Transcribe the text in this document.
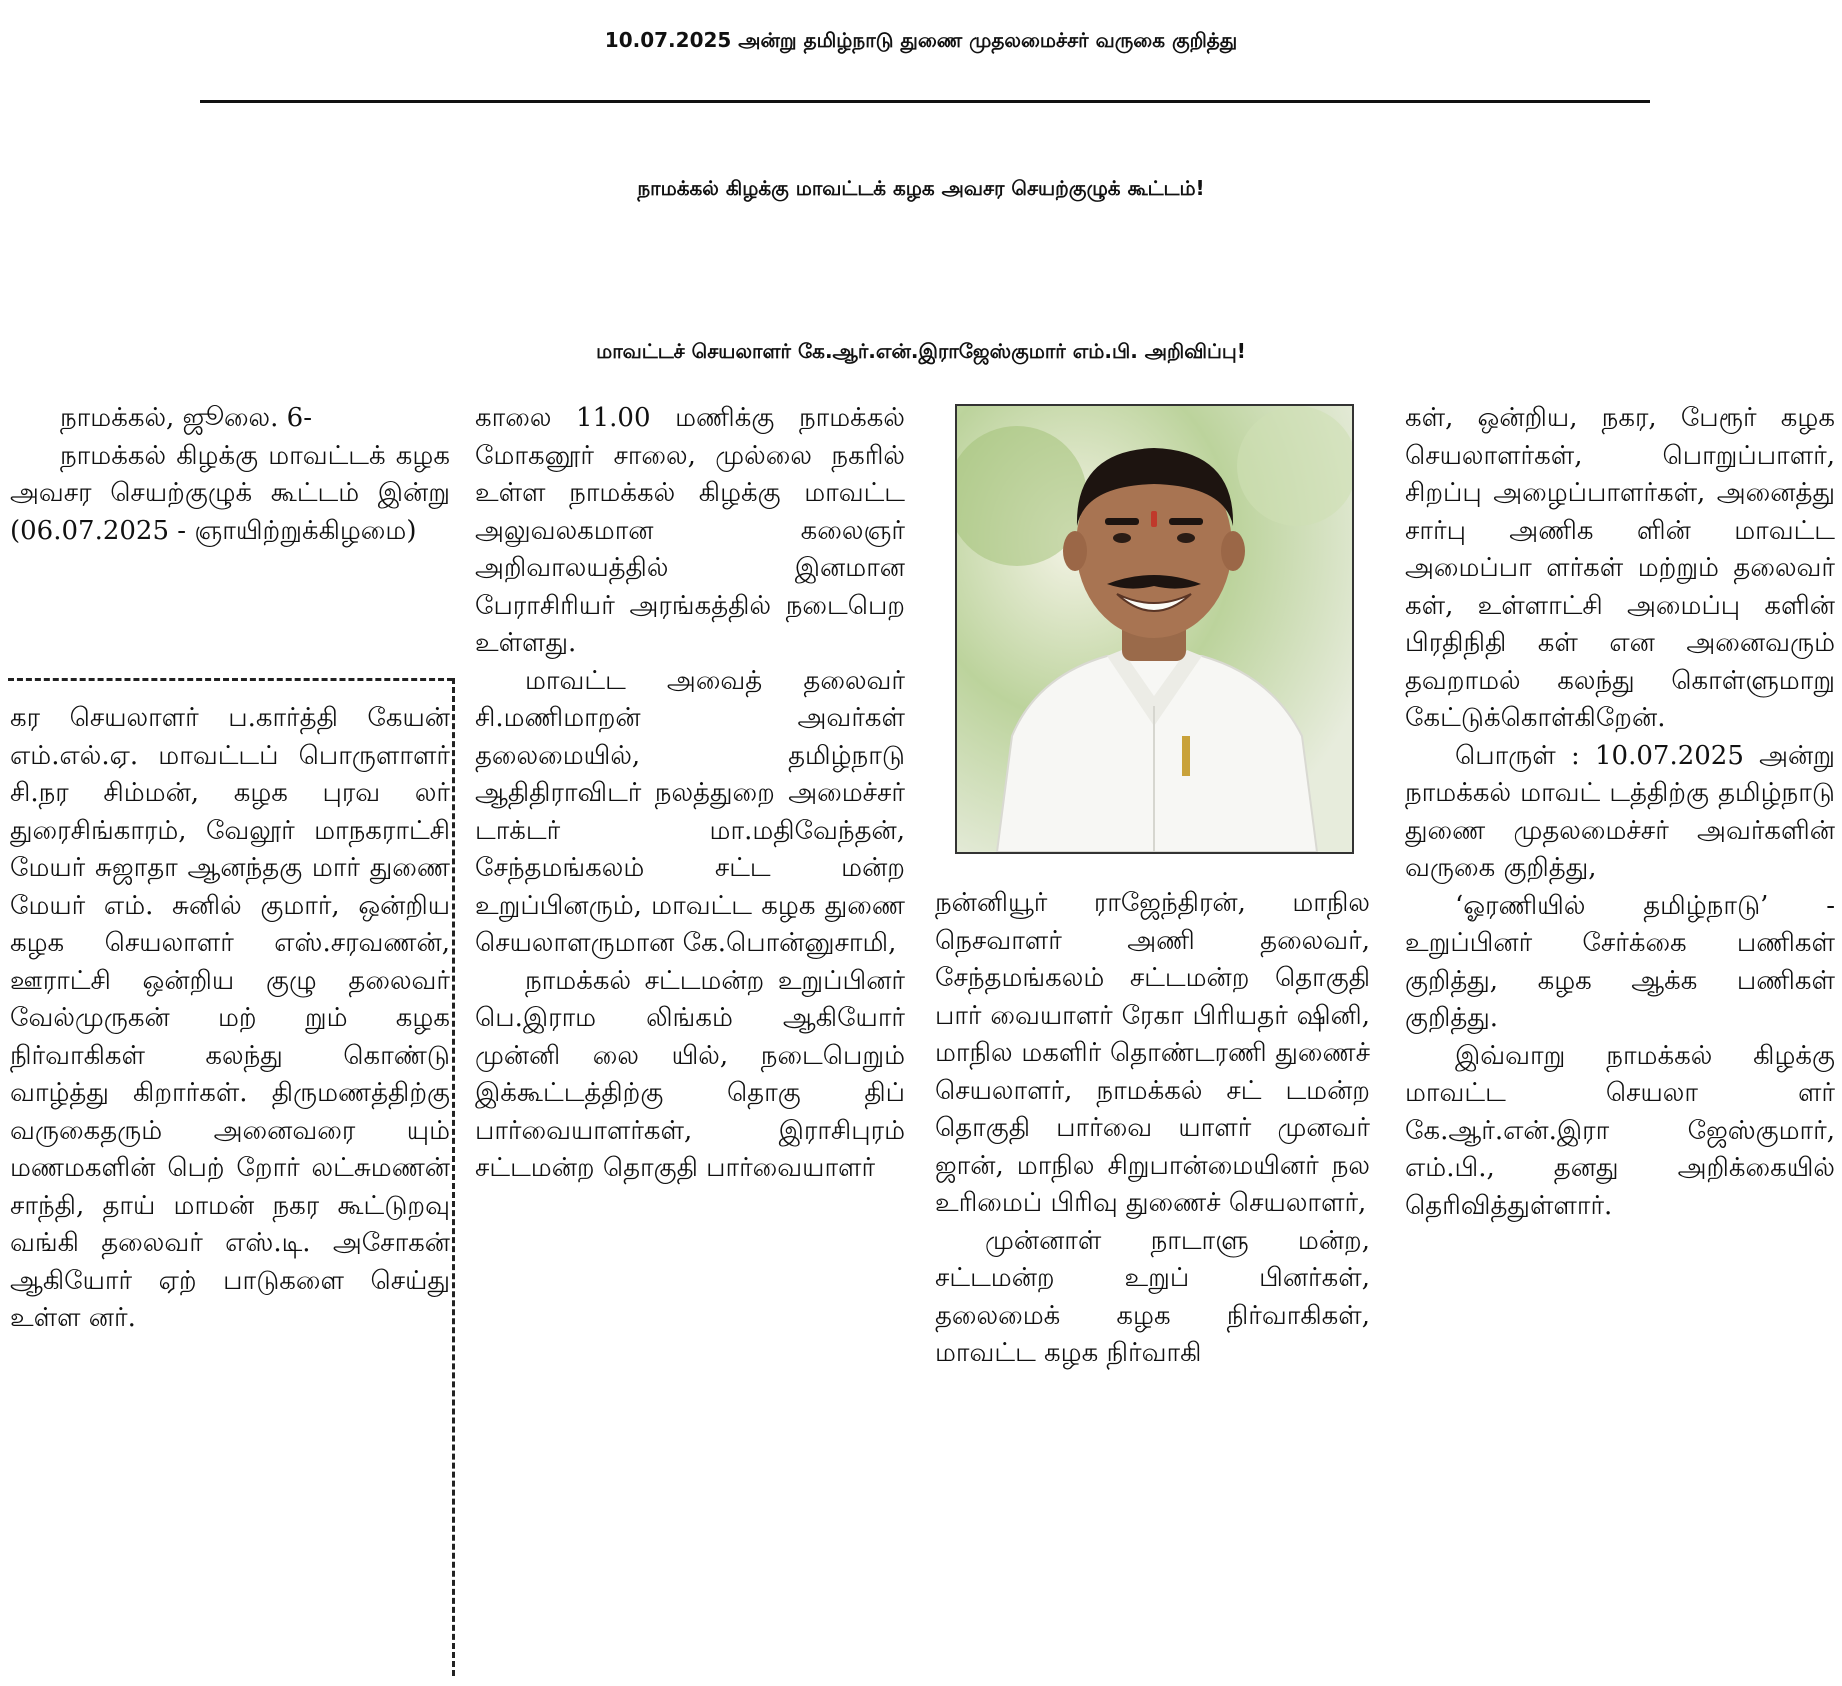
10.07.2025 அன்று தமிழ்நாடு துணை முதலமைச்சர் வருகை குறித்து
நாமக்கல் கிழக்கு மாவட்டக் கழக அவசர செயற்குழுக் கூட்டம்!
மாவட்டச் செயலாளர் கே.ஆர்.என்.இராஜேஸ்குமார் எம்.பி. அறிவிப்பு!

நாமக்கல், ஜூலை. 6-

நாமக்கல் கிழக்கு மாவட்டக் கழக அவசர செயற்குழுக் கூட்டம் இன்று (06.07.2025 - ஞாயிற்றுக்கிழமை)

கர செயலாளர் ப.கார்த்தி கேயன் எம்.எல்.ஏ. மாவட்டப் பொருளாளர் சி.நர சிம்மன், கழக புரவ லர் துரைசிங்காரம், வேலூர் மாநகராட்சி மேயர் சுஜாதா ஆனந்தகு மார் துணை மேயர் எம். சுனில் குமார், ஒன்றிய கழக செயலாளர் எஸ்.சரவணன், ஊராட்சி ஒன்றிய குழு தலைவர் வேல்முருகன் மற் றும் கழக நிர்வாகிகள் கலந்து கொண்டு வாழ்த்து கிறார்கள். திருமணத்திற்கு வருகைதரும் அனைவரை யும் மணமகளின் பெற் றோர் லட்சுமணன் சாந்தி, தாய் மாமன் நகர கூட்டுறவு வங்கி தலைவர் எஸ்.டி. அசோகன் ஆகியோர் ஏற் பாடுகளை செய்து உள்ள னர்.

காலை 11.00 மணிக்கு நாமக்கல் மோகனூர் சாலை, முல்லை நகரில் உள்ள நாமக்கல் கிழக்கு மாவட்ட அலுவலகமான கலைஞர் அறிவாலயத்தில் இனமான பேராசிரியர் அரங்கத்தில் நடைபெற உள்ளது.

மாவட்ட அவைத் தலைவர் சி.மணிமாறன் அவர்கள் தலைமையில், தமிழ்நாடு ஆதிதிராவிடர் நலத்துறை அமைச்சர் டாக்டர் மா.மதிவேந்தன், சேந்தமங்கலம் சட்ட மன்ற உறுப்பினரும், மாவட்ட கழக துணை செயலாளருமான கே.பொன்னுசாமி,

நாமக்கல் சட்டமன்ற உறுப்பினர் பெ.இராம லிங்கம் ஆகியோர் முன்னி லை யில், நடைபெறும் இக்கூட்டத்திற்கு தொகு திப் பார்வையாளர்கள், இராசிபுரம் சட்டமன்ற தொகுதி பார்வையாளர்

நன்னியூர் ராஜேந்திரன், மாநில நெசவாளர் அணி தலைவர், சேந்தமங்கலம் சட்டமன்ற தொகுதி பார் வையாளர் ரேகா பிரியதர் ஷினி, மாநில மகளிர் தொண்டரணி துணைச் செயலாளர், நாமக்கல் சட் டமன்ற தொகுதி பார்வை யாளர் முனவர் ஜான், மாநில சிறுபான்மையினர் நல உரிமைப் பிரிவு துணைச் செயலாளர்,

முன்னாள் நாடாளு மன்ற, சட்டமன்ற உறுப் பினர்கள், தலைமைக் கழக நிர்வாகிகள், மாவட்ட கழக நிர்வாகி

கள், ஒன்றிய, நகர, பேரூர் கழக செயலாளர்கள், பொறுப்பாளர், சிறப்பு அழைப்பாளர்கள், அனைத்து சார்பு அணிக ளின் மாவட்ட அமைப்பா ளர்கள் மற்றும் தலைவர் கள், உள்ளாட்சி அமைப்பு களின் பிரதிநிதி கள் என அனைவரும் தவறாமல் கலந்து கொள்ளுமாறு கேட்டுக்கொள்கிறேன்.

பொருள் : 10.07.2025 அன்று நாமக்கல் மாவட் டத்திற்கு தமிழ்நாடு துணை முதலமைச்சர் அவர்களின் வருகை குறித்து,

‘ஓரணியில் தமிழ்நாடு’ - உறுப்பினர் சேர்க்கை பணிகள் குறித்து, கழக ஆக்க பணிகள் குறித்து.

இவ்வாறு நாமக்கல் கிழக்கு மாவட்ட செயலா ளர் கே.ஆர்.என்.இரா ஜேஸ்குமார், எம்.பி., தனது அறிக்கையில் தெரிவித்துள்ளார்.
